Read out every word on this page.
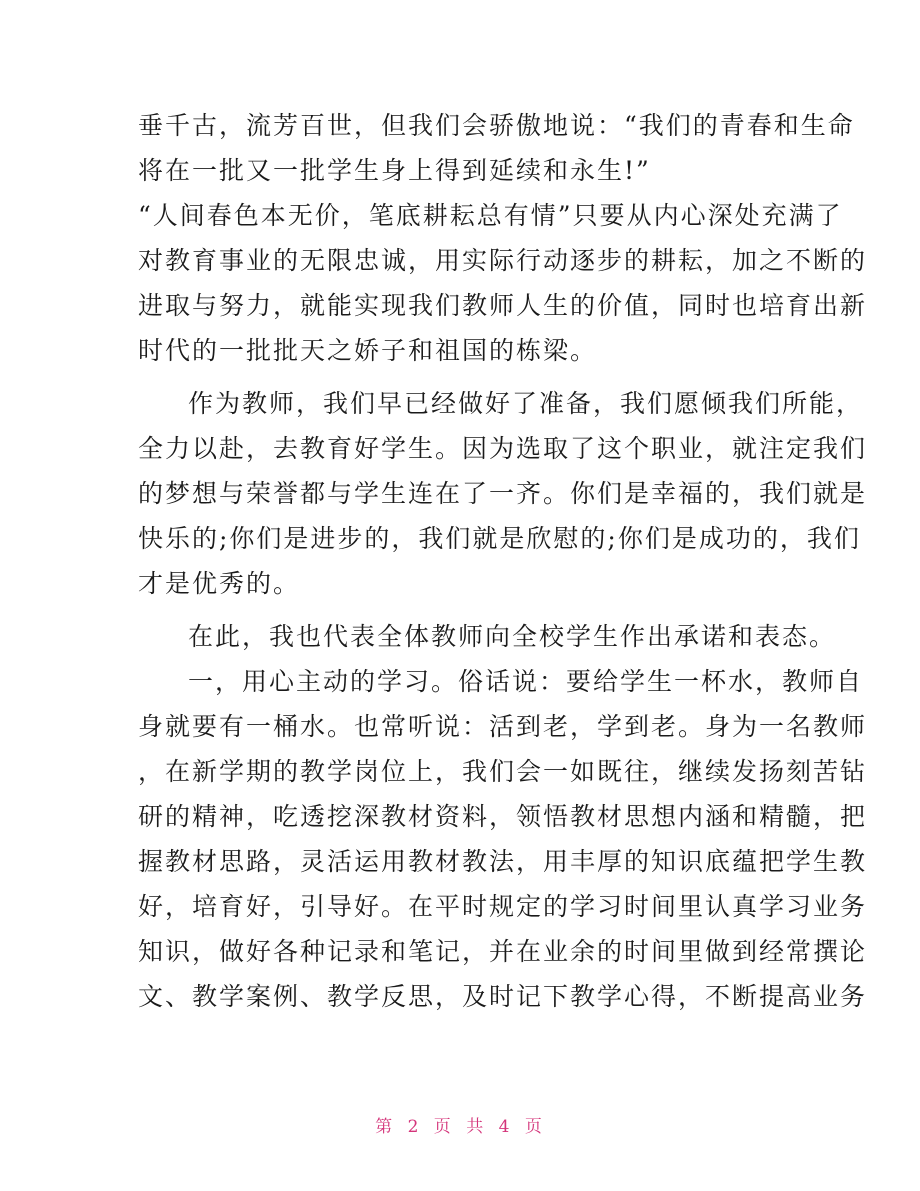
垂千古，流芳百世，但我们会骄傲地说：“我们的青春和生命
将在一批又一批学生身上得到延续和永生!”
“人间春色本无价，笔底耕耘总有情”只要从内心深处充满了
对教育事业的无限忠诚，用实际行动逐步的耕耘，加之不断的
进取与努力，就能实现我们教师人生的价值，同时也培育出新
时代的一批批天之娇子和祖国的栋梁。
作为教师，我们早已经做好了准备，我们愿倾我们所能，
全力以赴，去教育好学生。因为选取了这个职业，就注定我们
的梦想与荣誉都与学生连在了一齐。你们是幸福的，我们就是
快乐的;你们是进步的，我们就是欣慰的;你们是成功的，我们
才是优秀的。
在此，我也代表全体教师向全校学生作出承诺和表态。
一，用心主动的学习。俗话说：要给学生一杯水，教师自
身就要有一桶水。也常听说：活到老，学到老。身为一名教师
，在新学期的教学岗位上，我们会一如既往，继续发扬刻苦钻
研的精神，吃透挖深教材资料，领悟教材思想内涵和精髓，把
握教材思路，灵活运用教材教法，用丰厚的知识底蕴把学生教
好，培育好，引导好。在平时规定的学习时间里认真学习业务
知识，做好各种记录和笔记，并在业余的时间里做到经常撰论
文、教学案例、教学反思，及时记下教学心得，不断提高业务
第 2 页 共 4 页
